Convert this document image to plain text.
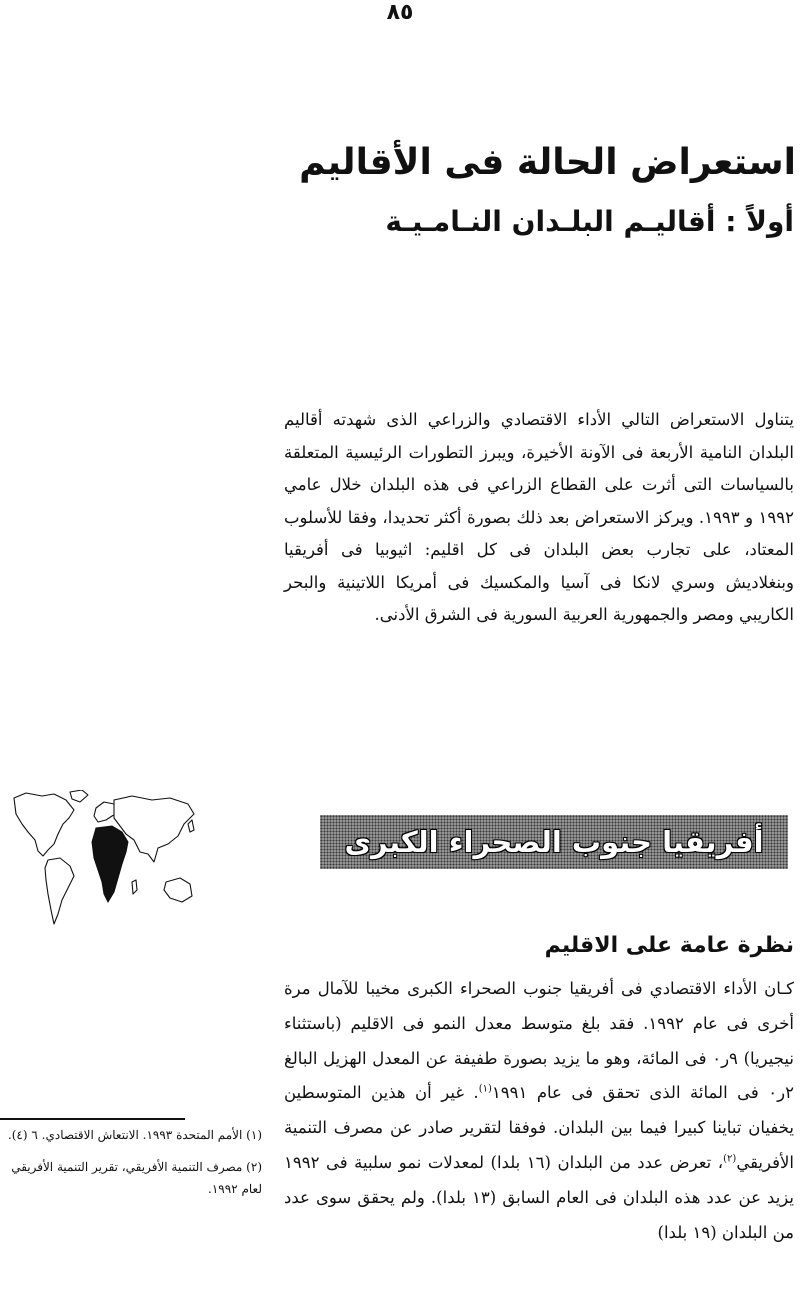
٨٥
استعراض الحالة فى الأقاليم
أولاً : أقاليـم البلـدان النـامـيـة

يتناول الاستعراض التالي الأداء الاقتصادي والزراعي الذى شهدته أقاليم البلدان النامية الأربعة فى الآونة الأخيرة، ويبرز التطورات الرئيسية المتعلقة بالسياسات التى أثرت على القطاع الزراعي فى هذه البلدان خلال عامي ١٩٩٢ و ١٩٩٣. ويركز الاستعراض بعد ذلك بصورة أكثر تحديدا، وفقا للأسلوب المعتاد، على تجارب بعض البلدان فى كل اقليم: اثيوبيا فى أفريقيا وبنغلاديش وسري لانكا فى آسيا والمكسيك فى أمريكا اللاتينية والبحر الكاريبي ومصر والجمهورية العربية السورية فى الشرق الأدنى.

أفريقيا جنوب الصحراء الكبرى
نظرة عامة على الاقليم

كـان الأداء الاقتصادي فى أفريقيا جنوب الصحراء الكبرى مخيبا للآمال مرة أخرى فى عام ١٩٩٢. فقد بلغ متوسط معدل النمو فى الاقليم (باستثناء نيجيريا) ٩ر٠ فى المائة، وهو ما يزيد بصورة طفيفة عن المعدل الهزيل البالغ ٢ر٠ فى المائة الذى تحقق فى عام ١٩٩١$^{(١)}$. غير أن هذين المتوسطين يخفيان تباينا كبيرا فيما بين البلدان. فوفقا لتقرير صادر عن مصرف التنمية الأفريقي$^{(٢)}$، تعرض عدد من البلدان (١٦ بلدا) لمعدلات نمو سلبية فى ١٩٩٢ يزيد عن عدد هذه البلدان فى العام السابق (١٣ بلدا). ولم يحقق سوى عدد من البلدان (١٩ بلدا)

(١) الأمم المتحدة ١٩٩٣. الانتعاش الاقتصادي. ٦ (٤).

(٢) مصرف التنمية الأفريقي، تقرير التنمية الأفريقي لعام ١٩٩٢.
